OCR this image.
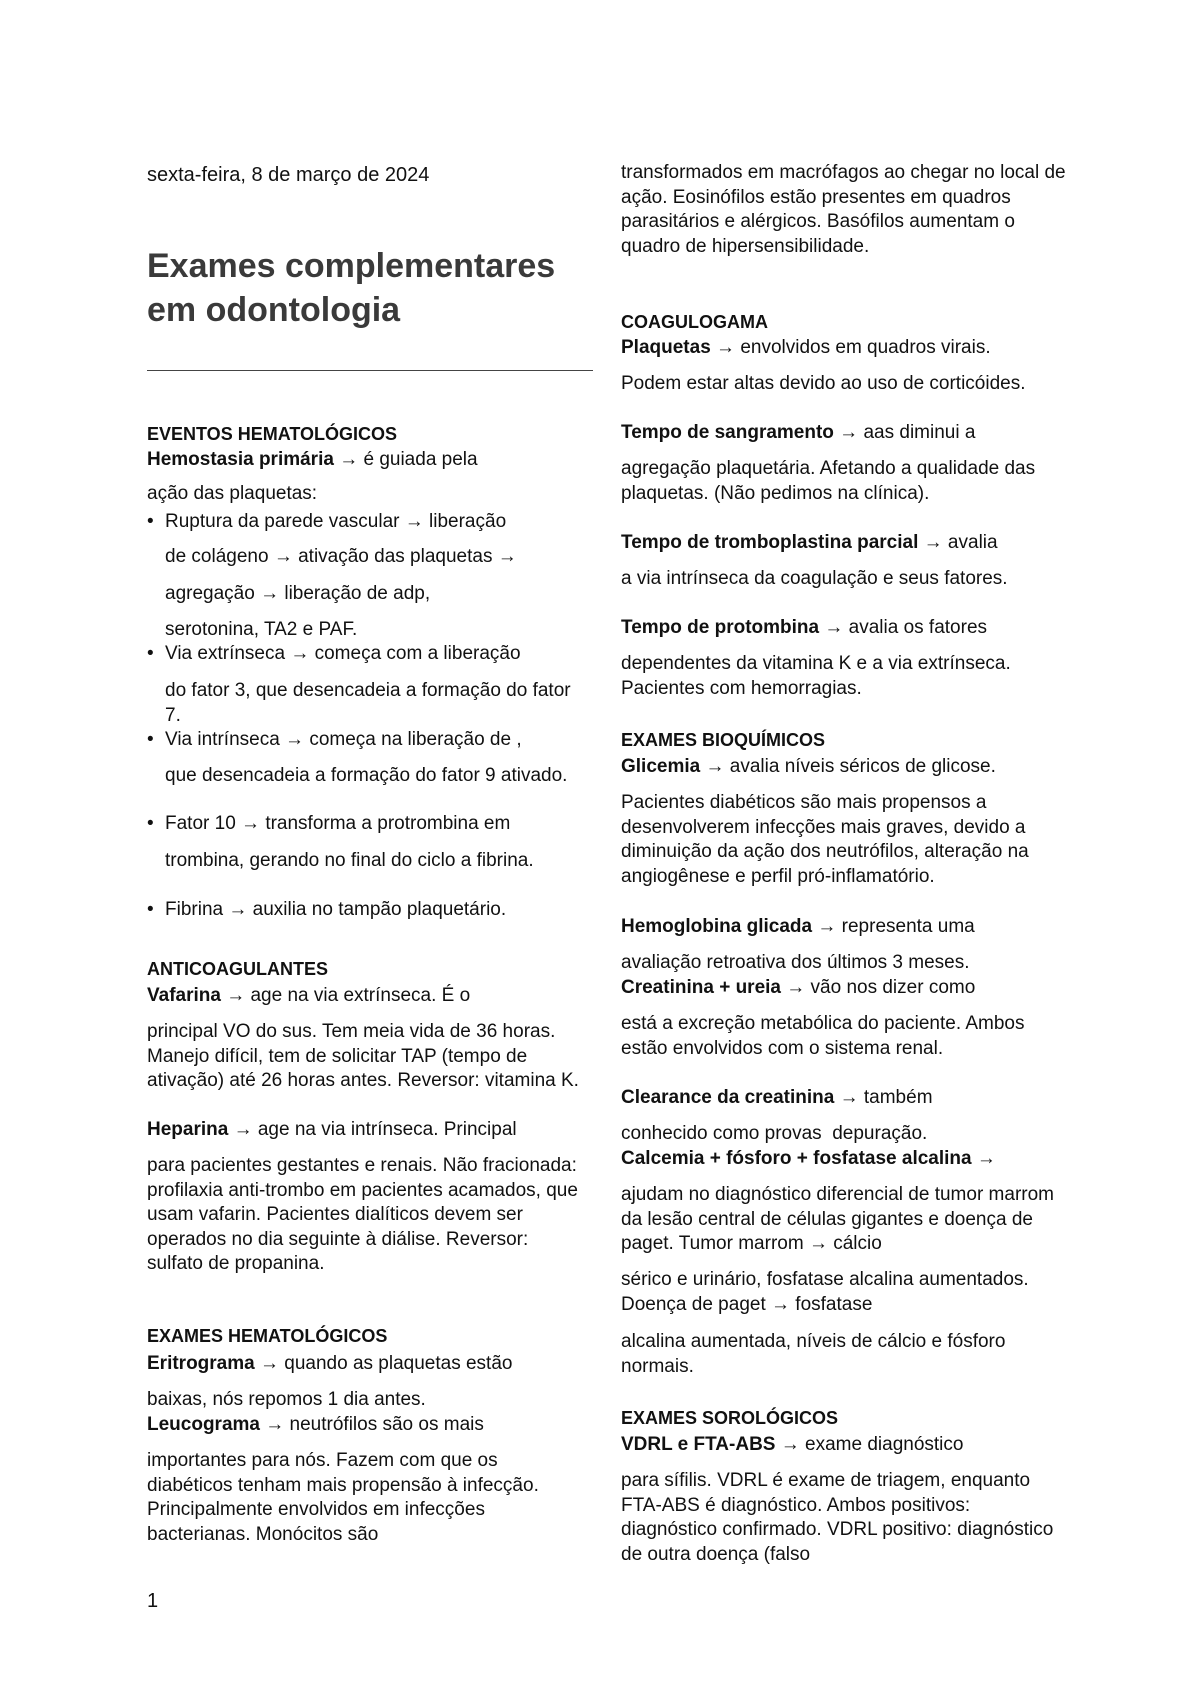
sexta-feira, 8 de março de 2024

Exames complementares
em odontologia

EVENTOS HEMATOLÓGICOS

Hemostasia primária → é guiada pela

ação das plaquetas:

• Ruptura da parede vascular → liberação
de colágeno → ativação das plaquetas →
agregação → liberação de adp,
serotonina, TA2 e PAF.
• Via extrínseca → começa com a liberação
do fator 3, que desencadeia a formação do fator 7.
• Via intrínseca → começa na liberação de ,
que desencadeia a formação do fator 9 ativado.
• Fator 10 → transforma a protrombina em
trombina, gerando no final do ciclo a fibrina.
• Fibrina → auxilia no tampão plaquetário.

ANTICOAGULANTES

Vafarina → age na via extrínseca. É o

principal VO do sus. Tem meia vida de 36 horas. Manejo difícil, tem de solicitar TAP (tempo de ativação) até 26 horas antes. Reversor: vitamina K.

Heparina → age na via intrínseca. Principal

para pacientes gestantes e renais. Não fracionada: profilaxia anti-trombo em pacientes acamados, que usam vafarin. Pacientes dialíticos devem ser operados no dia seguinte à diálise. Reversor: sulfato de propanina.

EXAMES HEMATOLÓGICOS

Eritrograma → quando as plaquetas estão

baixas, nós repomos 1 dia antes.

Leucograma → neutrófilos são os mais

importantes para nós. Fazem com que os diabéticos tenham mais propensão à infecção. Principalmente envolvidos em infecções bacterianas. Monócitos são

transformados em macrófagos ao chegar no local de ação. Eosinófilos estão presentes em quadros parasitários e alérgicos. Basófilos aumentam o quadro de hipersensibilidade.

COAGULOGAMA

Plaquetas → envolvidos em quadros virais.

Podem estar altas devido ao uso de corticóides.

Tempo de sangramento → aas diminui a

agregação plaquetária. Afetando a qualidade das plaquetas. (Não pedimos na clínica).

Tempo de tromboplastina parcial → avalia

a via intrínseca da coagulação e seus fatores.

Tempo de protombina → avalia os fatores

dependentes da vitamina K e a via extrínseca. Pacientes com hemorragias.

EXAMES BIOQUÍMICOS

Glicemia → avalia níveis séricos de glicose.

Pacientes diabéticos são mais propensos a desenvolverem infecções mais graves, devido a diminuição da ação dos neutrófilos, alteração na angiogênese e perfil pró-inflamatório.

Hemoglobina glicada → representa uma

avaliação retroativa dos últimos 3 meses.

Creatinina + ureia → vão nos dizer como

está a excreção metabólica do paciente. Ambos estão envolvidos com o sistema renal.

Clearance da creatinina → também

conhecido como provas  depuração.

Calcemia + fósforo + fosfatase alcalina →

ajudam no diagnóstico diferencial de tumor marrom da lesão central de células gigantes e doença de paget. Tumor marrom → cálcio

sérico e urinário, fosfatase alcalina aumentados. Doença de paget → fosfatase

alcalina aumentada, níveis de cálcio e fósforo normais.

EXAMES SOROLÓGICOS

VDRL e FTA-ABS → exame diagnóstico

para sífilis. VDRL é exame de triagem, enquanto FTA-ABS é diagnóstico. Ambos positivos: diagnóstico confirmado. VDRL positivo: diagnóstico de outra doença (falso

1
